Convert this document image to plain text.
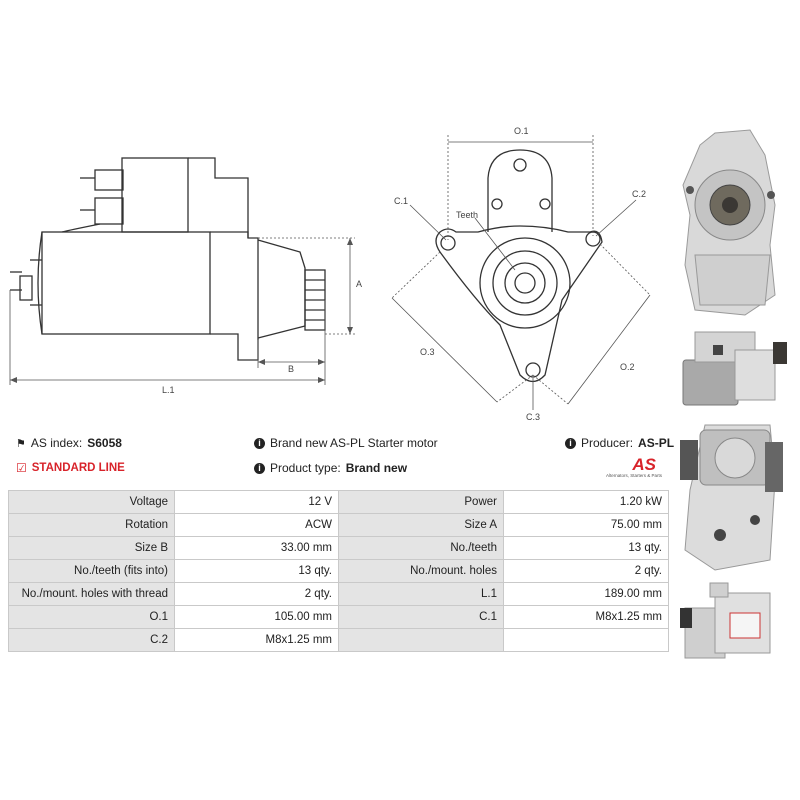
A
B
L.1
O.1
O.3
O.2
C.1
C.2
C.3
Teeth
⚑ AS index: S6058
☑ STANDARD LINE
i Brand new AS-PL Starter motor
i Product type: Brand new
i Producer: AS-PL
AS
Alternators, Starters & Parts
Voltage	12 V	Power	1.20 kW
Rotation	ACW	Size A	75.00 mm
Size B	33.00 mm	No./teeth	13 qty.
No./teeth (fits into)	13 qty.	No./mount. holes	2 qty.
No./mount. holes with thread	2 qty.	L.1	189.00 mm
O.1	105.00 mm	C.1	M8x1.25 mm
C.2	M8x1.25 mm		
